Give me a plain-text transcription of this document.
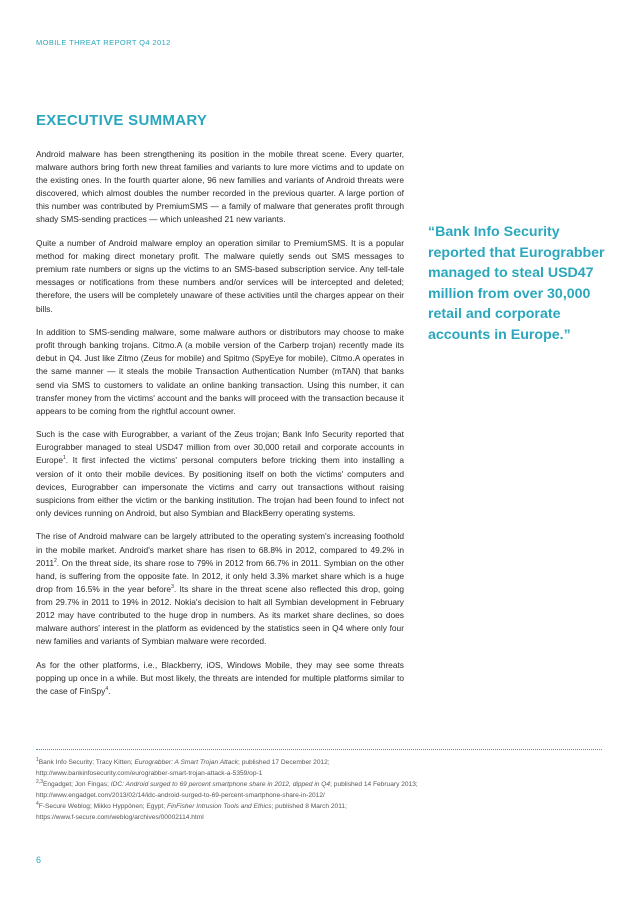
MOBILE THREAT REPORT Q4 2012
EXECUTIVE SUMMARY

Android malware has been strengthening its position in the mobile threat scene. Every quarter, malware authors bring forth new threat families and variants to lure more victims and to update on the existing ones. In the fourth quarter alone, 96 new families and variants of Android threats were discovered, which almost doubles the number recorded in the previous quarter. A large portion of this number was contributed by PremiumSMS — a family of malware that generates profit through shady SMS-sending practices — which unleashed 21 new variants.

Quite a number of Android malware employ an operation similar to PremiumSMS. It is a popular method for making direct monetary profit. The malware quietly sends out SMS messages to premium rate numbers or signs up the victims to an SMS-based subscription service. Any tell-tale messages or notifications from these numbers and/or services will be intercepted and deleted; therefore, the users will be completely unaware of these activities until the charges appear on their bills.

In addition to SMS-sending malware, some malware authors or distributors may choose to make profit through banking trojans. Citmo.A (a mobile version of the Carberp trojan) recently made its debut in Q4. Just like Zitmo (Zeus for mobile) and Spitmo (SpyEye for mobile), Citmo.A operates in the same manner — it steals the mobile Transaction Authentication Number (mTAN) that banks send via SMS to customers to validate an online banking transaction. Using this number, it can transfer money from the victims' account and the banks will proceed with the transaction because it appears to be coming from the rightful account owner.

Such is the case with Eurograbber, a variant of the Zeus trojan; Bank Info Security reported that Eurograbber managed to steal USD47 million from over 30,000 retail and corporate accounts in Europe$^1$. It first infected the victims' personal computers before tricking them into installing a version of it onto their mobile devices. By positioning itself on both the victims' computers and devices, Eurograbber can impersonate the victims and carry out transactions without raising suspicions from either the victim or the banking institution. The trojan had been found to infect not only devices running on Android, but also Symbian and BlackBerry operating systems.

The rise of Android malware can be largely attributed to the operating system's increasing foothold in the mobile market. Android's market share has risen to 68.8% in 2012, compared to 49.2% in 2011$^2$. On the threat side, its share rose to 79% in 2012 from 66.7% in 2011. Symbian on the other hand, is suffering from the opposite fate. In 2012, it only held 3.3% market share which is a huge drop from 16.5% in the year before$^3$. Its share in the threat scene also reflected this drop, going from 29.7% in 2011 to 19% in 2012. Nokia's decision to halt all Symbian development in February 2012 may have contributed to the huge drop in numbers. As its market share declines, so does malware authors' interest in the platform as evidenced by the statistics seen in Q4 where only four new families and variants of Symbian malware were recorded.

As for the other platforms, i.e., Blackberry, iOS, Windows Mobile, they may see some threats popping up once in a while. But most likely, the threats are intended for multiple platforms similar to the case of FinSpy$^4$.

“Bank Info Security reported that Eurograbber managed to steal USD47 million from over 30,000 retail and corporate accounts in Europe.”
$^1$Bank Info Security; Tracy Kitten; Eurograbber: A Smart Trojan Attack; published 17 December 2012;
http://www.bankinfosecurity.com/eurograbber-smart-trojan-attack-a-5359/op-1
$^{2,3}$Engadget; Jon Fingas; IDC: Android surged to 69 percent smartphone share in 2012, dipped in Q4; published 14 February 2013;
http://www.engadget.com/2013/02/14/idc-android-surged-to-69-percent-smartphone-share-in-2012/
$^4$F-Secure Weblog; Mikko Hyppönen; Egypt; FinFisher Intrusion Tools and Ethics; published 8 March 2011;
https://www.f-secure.com/weblog/archives/00002114.html
6
